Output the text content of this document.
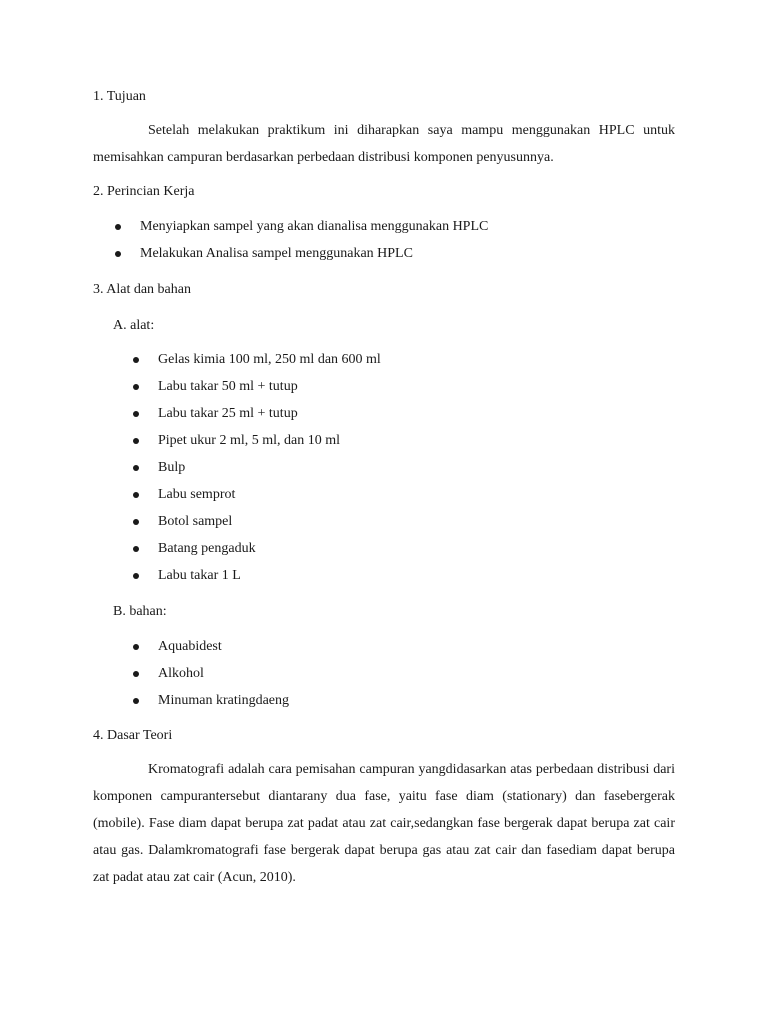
1. Tujuan

Setelah melakukan praktikum ini diharapkan saya mampu menggunakan HPLC untuk memisahkan campuran berdasarkan perbedaan distribusi komponen penyusunnya.

2. Perincian Kerja
Menyiapkan sampel yang akan dianalisa menggunakan HPLC
Melakukan Analisa sampel menggunakan HPLC
3. Alat dan bahan
A. alat:
Gelas kimia 100 ml, 250 ml dan 600 ml
Labu takar 50 ml + tutup
Labu takar 25 ml + tutup
Pipet ukur 2 ml, 5 ml, dan 10 ml
Bulp
Labu semprot
Botol sampel
Batang pengaduk
Labu takar 1 L
B. bahan:
Aquabidest
Alkohol
Minuman kratingdaeng
4. Dasar Teori

Kromatografi adalah cara pemisahan campuran yangdidasarkan atas perbedaan distribusi dari komponen campurantersebut diantarany dua fase, yaitu fase diam (stationary) dan fasebergerak (mobile). Fase diam dapat berupa zat padat atau zat cair,sedangkan fase bergerak dapat berupa zat cair atau gas. Dalamkromatografi fase bergerak dapat berupa gas atau zat cair dan fasediam dapat berupa zat padat atau zat cair (Acun, 2010).
